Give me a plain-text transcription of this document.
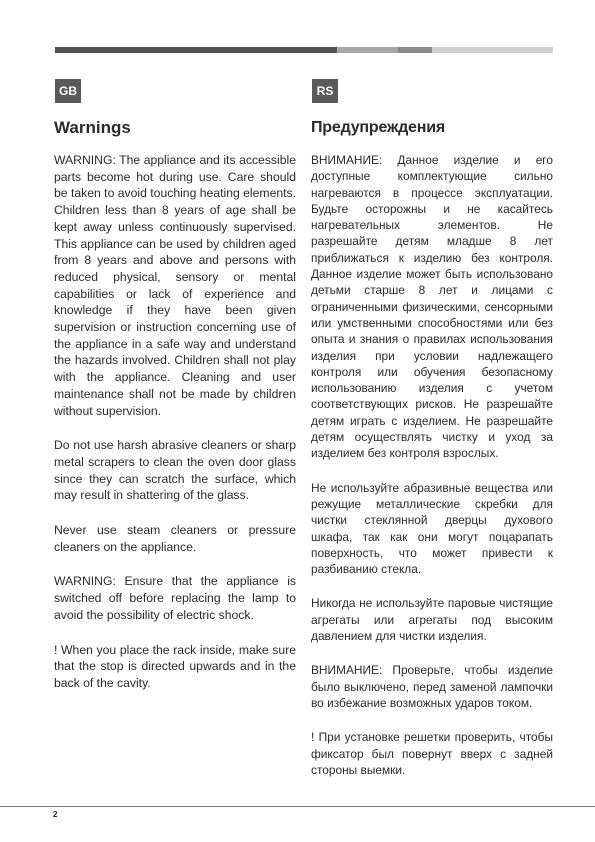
GB	RS
Warnings

WARNING: The appliance and its accessible parts become hot during use. Care should be taken to avoid touching heating elements. Children less than 8 years of age shall be kept away unless continuously supervised. This appliance can be used by children aged from 8 years and above and persons with reduced physical, sensory or mental capabilities or lack of experience and knowledge if they have been given supervision or instruction concerning use of the appliance in a safe way and understand the hazards involved. Children shall not play with the appliance. Cleaning and user maintenance shall not be made by children without supervision.

Do not use harsh abrasive cleaners or sharp metal scrapers to clean the oven door glass since they can scratch the surface, which may result in shattering of the glass.

Never use steam cleaners or pressure cleaners on the appliance.

WARNING: Ensure that the appliance is switched off before replacing the lamp to avoid the possibility of electric shock.

! When you place the rack inside, make sure that the stop is directed upwards and in the back of the cavity.

Предупреждения

ВНИМАНИЕ: Данное изделие и его доступные комплектующие сильно нагреваются в процессе эксплуатации. Будьте осторожны и не касайтесь нагревательных элементов. Не разрешайте детям младше 8 лет приближаться к изделию без контроля. Данное изделие может быть использовано детьми старше 8 лет и лицами с ограниченными физическими, сенсорными или умственными способностями или без опыта и знания о правилах использования изделия при условии надлежащего контроля или обучения безопасному использованию изделия с учетом соответствующих рисков. Не разрешайте детям играть с изделием. Не разрешайте детям осуществлять чистку и уход за изделием без контроля взрослых.

Не используйте абразивные вещества или режущие металлические скребки для чистки стеклянной дверцы духового шкафа, так как они могут поцарапать поверхность, что может привести к разбиванию стекла.

Никогда не используйте паровые чистящие агрегаты или агрегаты под высоким давлением для чистки изделия.

ВНИМАНИЕ: Проверьте, чтобы изделие было выключено, перед заменой лампочки во избежание возможных ударов током.

! При установке решетки проверить, чтобы фиксатор был повернут вверх с задней стороны выемки.

2
